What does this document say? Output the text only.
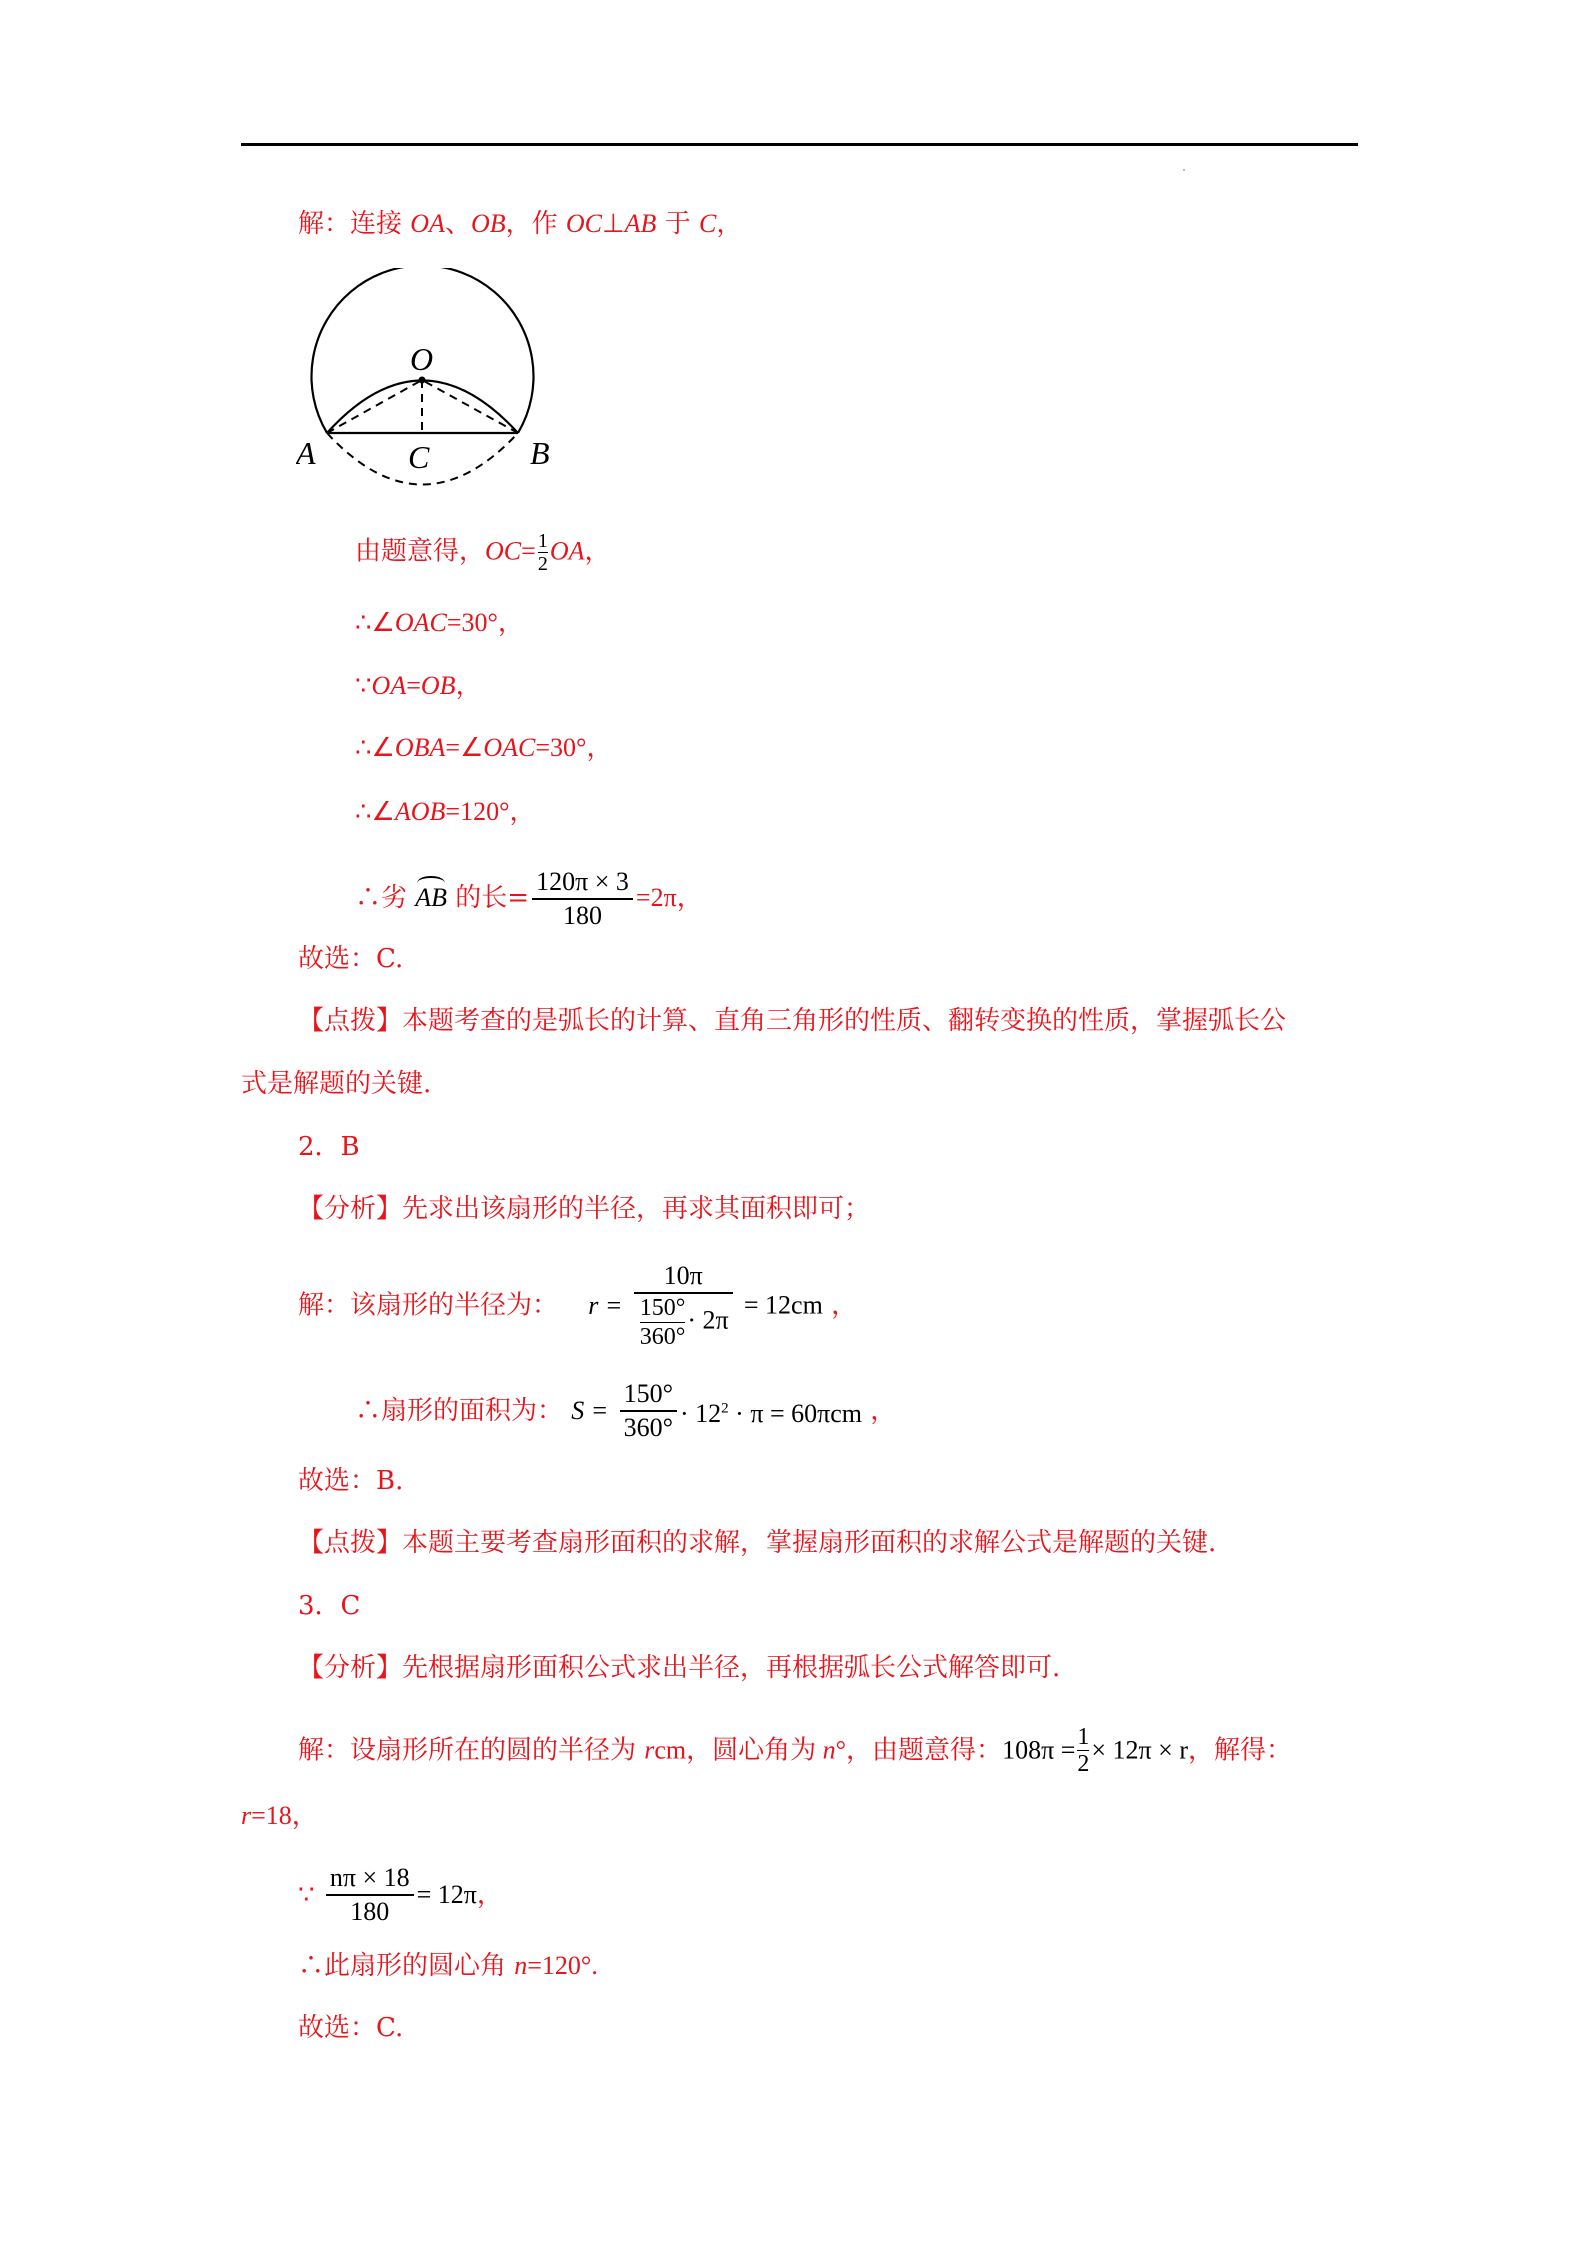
解：连接 OA、OB，作 OC⊥AB 于 C，
O
A	C	B
由题意得，$OC= \frac{1}{2}$ OA，
∴∠OAC=30°，
∵OA=OB，
∴∠OBA=∠OAC=30°，
∴∠AOB=120°，
∴劣 AB 的长= $\frac{120\pi \times 3}{180} =2\pi$，
故选：C.
【点拨】本题考查的是弧长的计算、直角三角形的性质、翻转变换的性质，掌握弧长公
式是解题的关键.
2．B
【分析】先求出该扇形的半径，再求其面积即可；
解：该扇形的半径为： $r = \frac{10\pi}{\frac{150^\circ}{360^\circ} \cdot 2\pi} = 12cm$ ，
∴扇形的面积为： $S = \frac{150^\circ}{360^\circ} \cdot 12^2 \cdot \pi = 60\pi cm$ ，
故选：B.
【点拨】本题主要考查扇形面积的求解，掌握扇形面积的求解公式是解题的关键.
3．C
【分析】先根据扇形面积公式求出半径，再根据弧长公式解答即可.
解：设扇形所在的圆的半径为 rcm，圆心角为 n°，由题意得：$108\pi = \frac{1}{2} \times 12\pi \times r$，解得：
r=18，
∵ $\frac{n\pi \times 18}{180} = 12\pi$，
∴此扇形的圆心角 n=120°.
故选：C.
